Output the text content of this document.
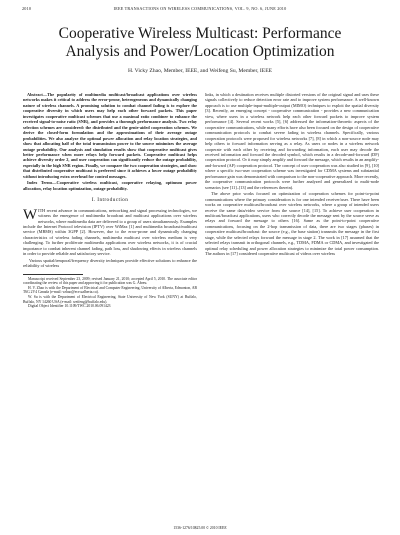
2010	IEEE TRANSACTIONS ON WIRELESS COMMUNICATIONS, VOL. 9, NO. 6, JUNE 2010
Cooperative Wireless Multicast: Performance
Analysis and Power/Location Optimization
H. Vicky Zhao, Member, IEEE, and Weifeng Su, Member, IEEE

Abstract—The popularity of multimedia multicast/broadcast applications over wireless networks makes it critical to address the error-prone, heterogeneous and dynamically changing nature of wireless channels. A promising solution to combat channel fading is to explore the cooperative diversity in which users may help each other forward packets. This paper investigates cooperative multicast schemes that use a maximal ratio combiner to enhance the received signal-to-noise ratio (SNR), and provides a thorough performance analysis. Two relay selection schemes are considered: the distributed and the genie-aided cooperation schemes. We derive the closed-form formulation and the approximations of their average outage probabilities. We also analyze the optimal power allocation and relay location strategies, and show that allocating half of the total transmission power to the source minimizes the average outage probability. Our analysis and simulation results show that cooperative multicast gives better performance when more relays help forward packets. Cooperative multicast helps achieve diversity order 2, and user cooperation can significantly reduce the outage probability, especially in the high SNR region. Finally, we compare the two cooperation strategies, and show that distributed cooperative multicast is preferred since it achieves a lower outage probability without introducing extra overhead for control messages.

Index Terms—Cooperative wireless multicast, cooperative relaying, optimum power allocation, relay location optimization, outage probability.

I. Introduction

WITH recent advance in communications, networking and signal processing technologies, we witness the emergence of multimedia broadcast and multicast applications over wireless networks, where multimedia data are delivered to a group of users simultaneously. Examples include the Internet Protocol television (IPTV) over WiMax [1] and multimedia broadcast/multicast service (MBMS) within 3GPP [2]. However, due to the error-prone and dynamically changing characteristics of wireless fading channels, multimedia multicast over wireless medium is very challenging. To further proliferate multimedia applications over wireless networks, it is of crucial importance to combat inherent channel fading, path loss, and shadowing effects in wireless channels in order to provide reliable and satisfactory service.

Various spatial/temporal/frequency diversity techniques provide effective solutions to enhance the reliability of wireless

Manuscript received September 23, 2009; revised January 21, 2010; accepted April 5, 2010. The associate editor coordinating the review of this paper and approving it for publication was G. Abreu.

H. V. Zhao is with the Department of Electrical and Computer Engineering, University of Alberta, Edmonton, AB T6G 2V4 Canada (e-mail: vzhao@ece.ualberta.ca).

W. Su is with the Department of Electrical Engineering, State University of New York (SUNY) at Buffalo, Buffalo, NY 14260 USA (e-mail: weifeng@buffalo.edu).

Digital Object Identifier 10.1109/TWC.2010.06.091423

links, in which a destination receives multiple distorted versions of the original signal and uses these signals collectively to reduce detection error rate and to improve system performance. A well-known approach is to use multiple-input-multiple-output (MIMO) techniques to exploit the spatial diversity [3]. Recently, an emerging concept - cooperative communication - provides a new communication view, where users in a wireless network help each other forward packets to improve system performance [4]. Several recent works [5], [6] addressed the information-theoretic aspects of the cooperative communications, while many efforts have also been focused on the design of cooperative communication protocols to combat severe fading in wireless channels. Specifically, various cooperation protocols were proposed for wireless networks [7], [8] in which a non-source node may help others to forward information serving as a relay. As users or nodes in a wireless network cooperate with each other by receiving and forwarding information, each user may decode the received information and forward the decoded symbol, which results in a decode-and-forward (DF) cooperation protocol. Or it may simply amplify and forward the message, which results in an amplify-and-forward (AF) cooperation protocol. The concept of user cooperation was also studied in [9], [10] where a specific two-user cooperation scheme was investigated for CDMA systems and substantial performance gain was demonstrated with comparison to the non-cooperative approach. More recently, the cooperative communication protocols were further analyzed and generalized to multi-node scenarios (see [11]–[13] and the references therein).

The above prior works focused on optimization of cooperation schemes for point-to-point communications where the primary consideration is for one intended receiver/user. There have been works on cooperative multicast/broadcast over wireless networks, where a group of intended users receive the same data/video service from the source [14], [15]. To achieve user cooperation in multicast/broadcast applications, users who correctly decode the message sent by the source serve as relays and forward the message to others [16]. Same as the point-to-point cooperative communications, focusing on the 2-hop transmission of data, there are two stages (phases) in cooperative multicast/broadcast: the source (e.g., the base station) transmits the message in the first stage, while the selected relays forward the message in stage 2. The work in [17] assumed that the selected relays transmit in orthogonal channels, e.g., TDMA, FDMA or CDMA, and investigated the optimal relay scheduling and power allocation strategies to minimize the total power consumption. The authors in [17] considered cooperative multicast of videos over wireless

1536-1276/10$25.00 © 2010 IEEE
